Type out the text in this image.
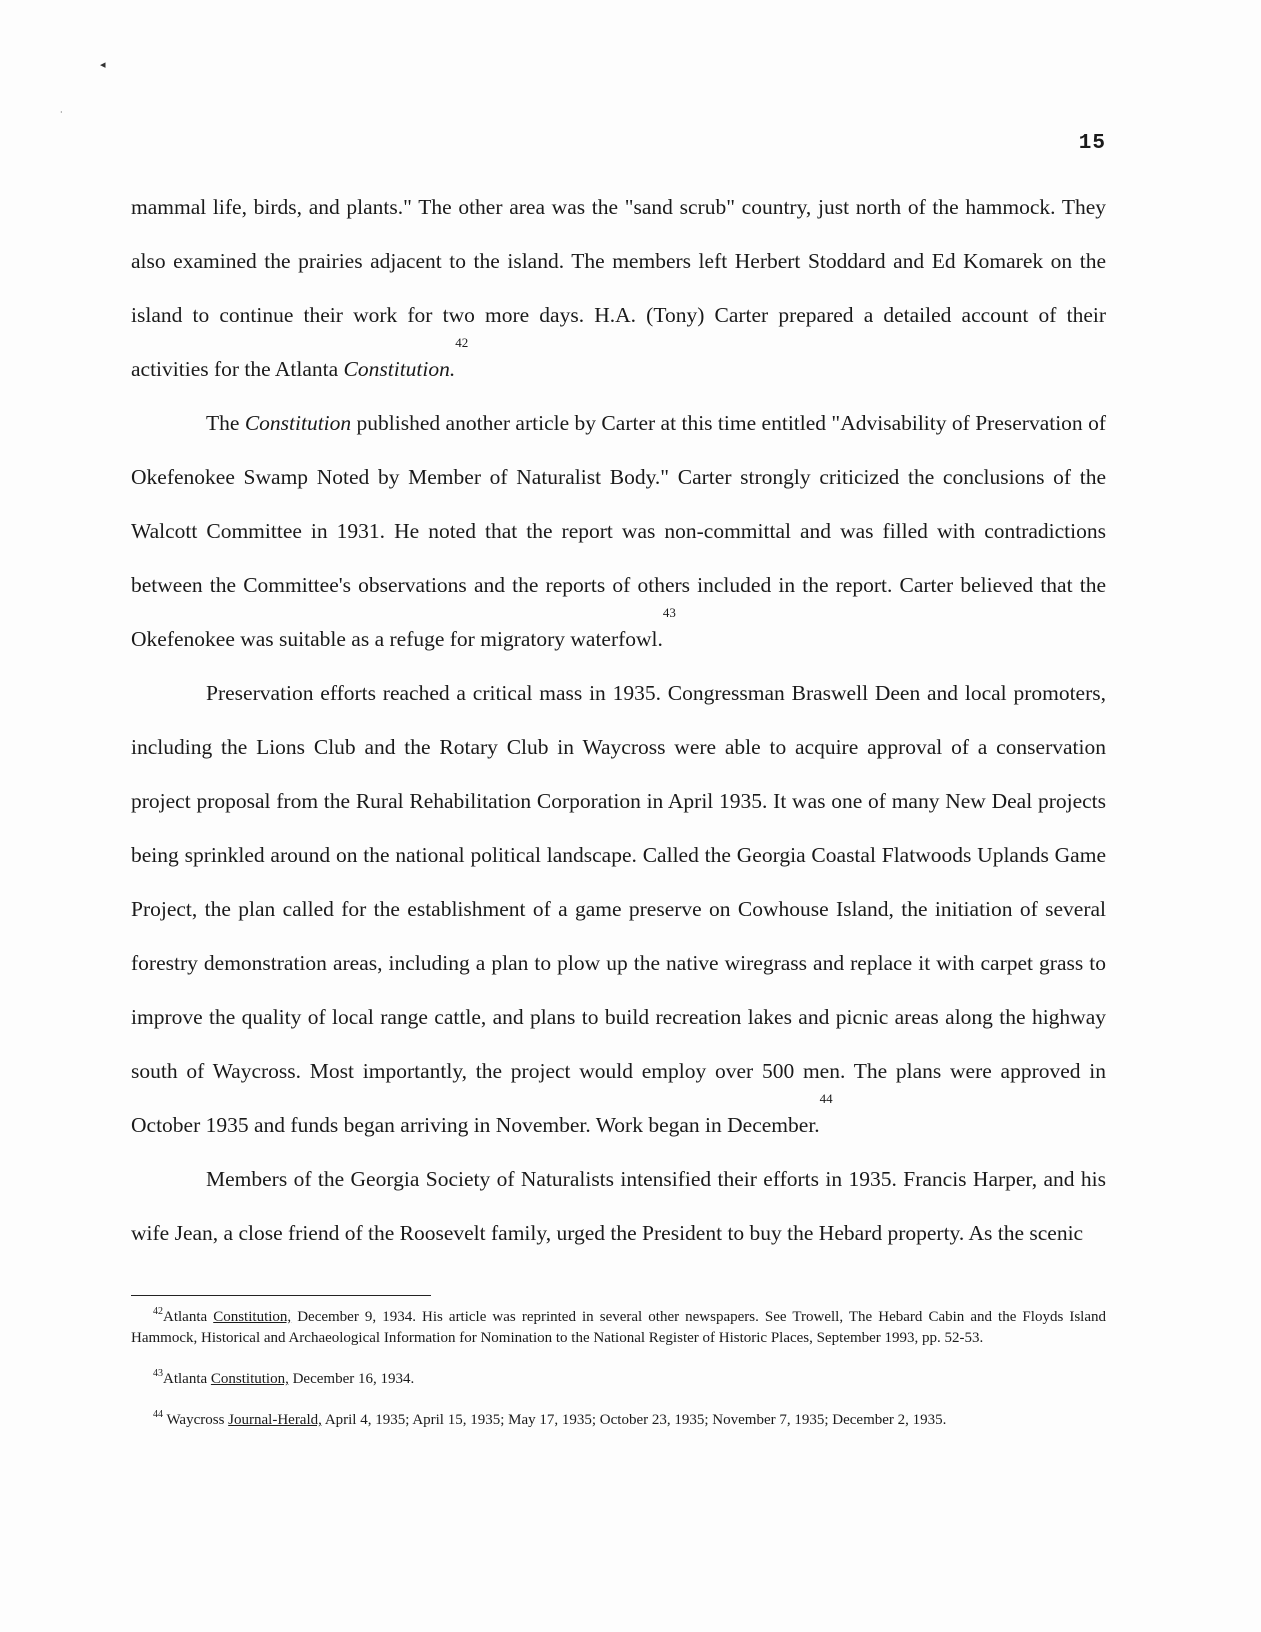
◂
·
15

mammal life, birds, and plants." The other area was the "sand scrub" country, just north of the hammock. They also examined the prairies adjacent to the island. The members left Herbert Stoddard and Ed Komarek on the island to continue their work for two more days. H.A. (Tony) Carter prepared a detailed account of their activities for the Atlanta Constitution.$^{42}$

The Constitution published another article by Carter at this time entitled "Advisability of Preservation of Okefenokee Swamp Noted by Member of Naturalist Body." Carter strongly criticized the conclusions of the Walcott Committee in 1931. He noted that the report was non-committal and was filled with contradictions between the Committee's observations and the reports of others included in the report. Carter believed that the Okefenokee was suitable as a refuge for migratory waterfowl.$^{43}$

Preservation efforts reached a critical mass in 1935. Congressman Braswell Deen and local promoters, including the Lions Club and the Rotary Club in Waycross were able to acquire approval of a conservation project proposal from the Rural Rehabilitation Corporation in April 1935. It was one of many New Deal projects being sprinkled around on the national political landscape. Called the Georgia Coastal Flatwoods Uplands Game Project, the plan called for the establishment of a game preserve on Cowhouse Island, the initiation of several forestry demonstration areas, including a plan to plow up the native wiregrass and replace it with carpet grass to improve the quality of local range cattle, and plans to build recreation lakes and picnic areas along the highway south of Waycross. Most importantly, the project would employ over 500 men. The plans were approved in October 1935 and funds began arriving in November. Work began in December.$^{44}$

Members of the Georgia Society of Naturalists intensified their efforts in 1935. Francis Harper, and his wife Jean, a close friend of the Roosevelt family, urged the President to buy the Hebard property. As the scenic

$^{42}$Atlanta Constitution, December 9, 1934. His article was reprinted in several other newspapers. See Trowell, The Hebard Cabin and the Floyds Island Hammock, Historical and Archaeological Information for Nomination to the National Register of Historic Places, September 1993, pp. 52-53.

$^{43}$Atlanta Constitution, December 16, 1934.

$^{44}$ Waycross Journal-Herald, April 4, 1935; April 15, 1935; May 17, 1935; October 23, 1935; November 7, 1935; December 2, 1935.
